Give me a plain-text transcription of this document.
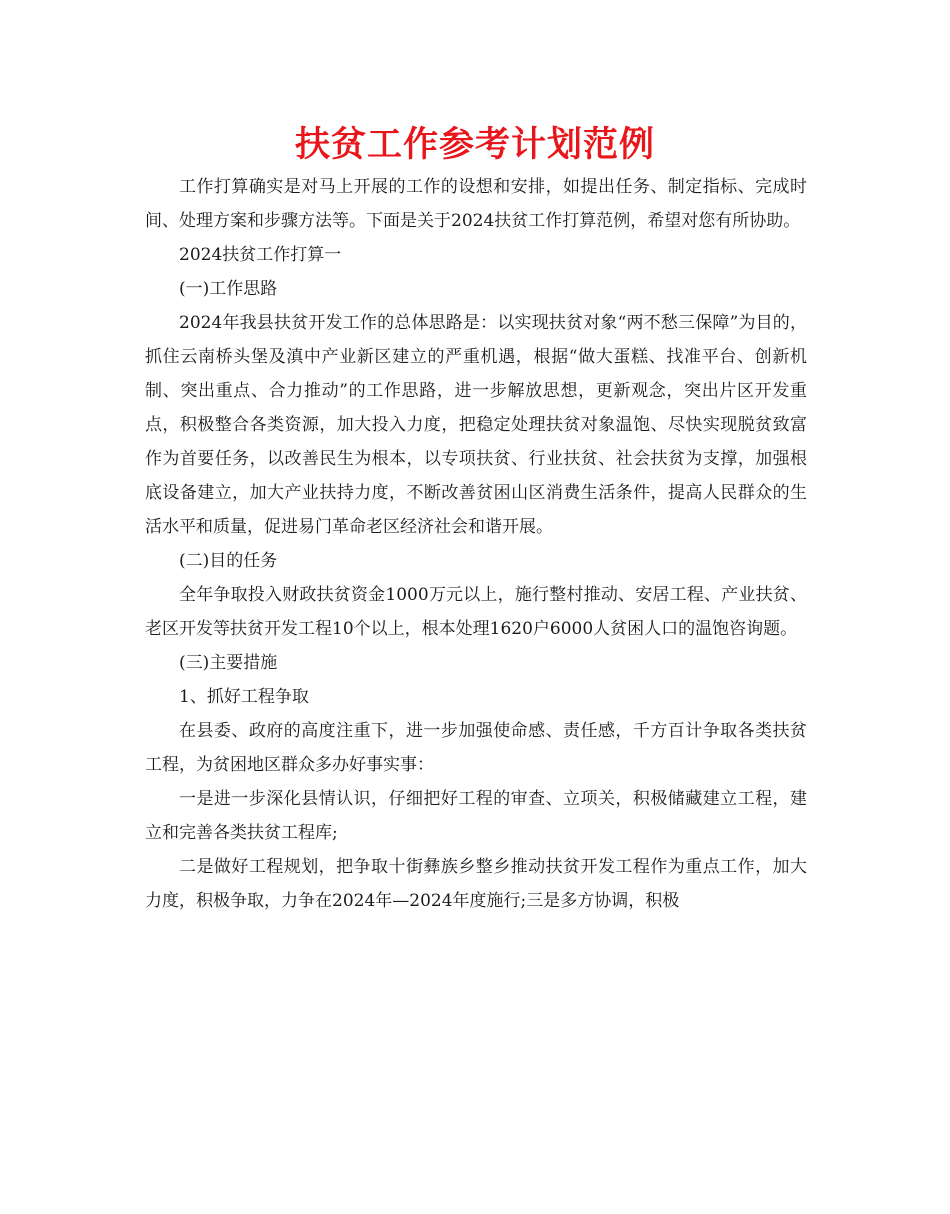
扶贫工作参考计划范例

工作打算确实是对马上开展的工作的设想和安排，如提出任务、制定指标、完成时间、处理方案和步骤方法等。下面是关于2024扶贫工作打算范例，希望对您有所协助。

2024扶贫工作打算一

(一)工作思路

2024年我县扶贫开发工作的总体思路是：以实现扶贫对象“两不愁三保障”为目的，抓住云南桥头堡及滇中产业新区建立的严重机遇，根据“做大蛋糕、找准平台、创新机制、突出重点、合力推动”的工作思路，进一步解放思想，更新观念，突出片区开发重点，积极整合各类资源，加大投入力度，把稳定处理扶贫对象温饱、尽快实现脱贫致富作为首要任务，以改善民生为根本，以专项扶贫、行业扶贫、社会扶贫为支撑，加强根底设备建立，加大产业扶持力度，不断改善贫困山区消费生活条件，提高人民群众的生活水平和质量，促进易门革命老区经济社会和谐开展。

(二)目的任务

全年争取投入财政扶贫资金1000万元以上，施行整村推动、安居工程、产业扶贫、老区开发等扶贫开发工程10个以上，根本处理1620户6000人贫困人口的温饱咨询题。

(三)主要措施

1、抓好工程争取

在县委、政府的高度注重下，进一步加强使命感、责任感，千方百计争取各类扶贫工程，为贫困地区群众多办好事实事：

一是进一步深化县情认识，仔细把好工程的审查、立项关，积极储藏建立工程，建立和完善各类扶贫工程库;

二是做好工程规划，把争取十街彝族乡整乡推动扶贫开发工程作为重点工作，加大力度，积极争取，力争在2024年—2024年度施行;三是多方协调，积极
